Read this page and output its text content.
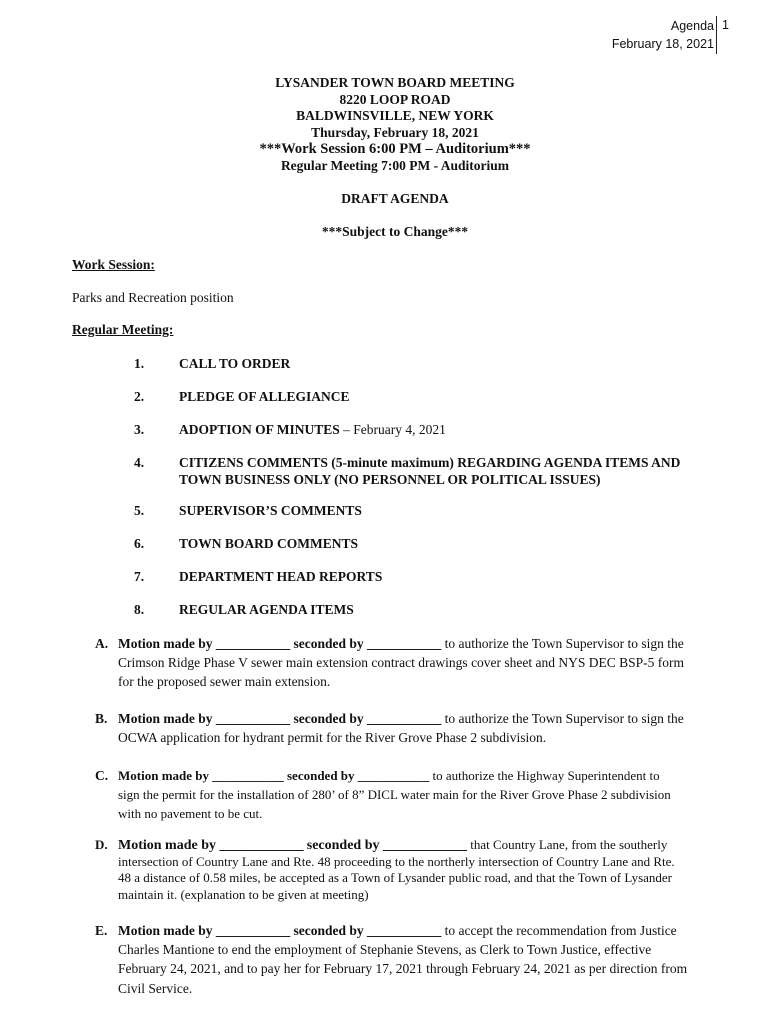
Agenda
February 18, 2021
1
LYSANDER TOWN BOARD MEETING
8220 LOOP ROAD
BALDWINSVILLE, NEW YORK
Thursday, February 18, 2021
***Work Session 6:00 PM – Auditorium***
Regular Meeting 7:00 PM - Auditorium
DRAFT AGENDA
***Subject to Change***
Work Session:
Parks and Recreation position
Regular Meeting:
1.	CALL TO ORDER
2.	PLEDGE OF ALLEGIANCE
3.	ADOPTION OF MINUTES – February 4, 2021
4.	CITIZENS COMMENTS (5-minute maximum) REGARDING AGENDA ITEMS AND
TOWN BUSINESS ONLY (NO PERSONNEL OR POLITICAL ISSUES)
5.	SUPERVISOR’S COMMENTS
6.	TOWN BOARD COMMENTS
7.	DEPARTMENT HEAD REPORTS
8.	REGULAR AGENDA ITEMS
A. Motion made by ___________ seconded by ___________ to authorize the Town Supervisor to sign the
Crimson Ridge Phase V sewer main extension contract drawings cover sheet and NYS DEC BSP-5 form
for the proposed sewer main extension.
B. Motion made by ___________ seconded by ___________ to authorize the Town Supervisor to sign the
OCWA application for hydrant permit for the River Grove Phase 2 subdivision.
C. Motion made by ___________ seconded by ___________ to authorize the Highway Superintendent to
sign the permit for the installation of 280’ of 8” DICL water main for the River Grove Phase 2 subdivision
with no pavement to be cut.
D. Motion made by ____________ seconded by ____________ that Country Lane, from the southerly
intersection of Country Lane and Rte. 48 proceeding to the northerly intersection of Country Lane and Rte.
48 a distance of 0.58 miles, be accepted as a Town of Lysander public road, and that the Town of Lysander
maintain it. (explanation to be given at meeting)
E. Motion made by ___________ seconded by ___________ to accept the recommendation from Justice
Charles Mantione to end the employment of Stephanie Stevens, as Clerk to Town Justice, effective
February 24, 2021, and to pay her for February 17, 2021 through February 24, 2021 as per direction from
Civil Service.
